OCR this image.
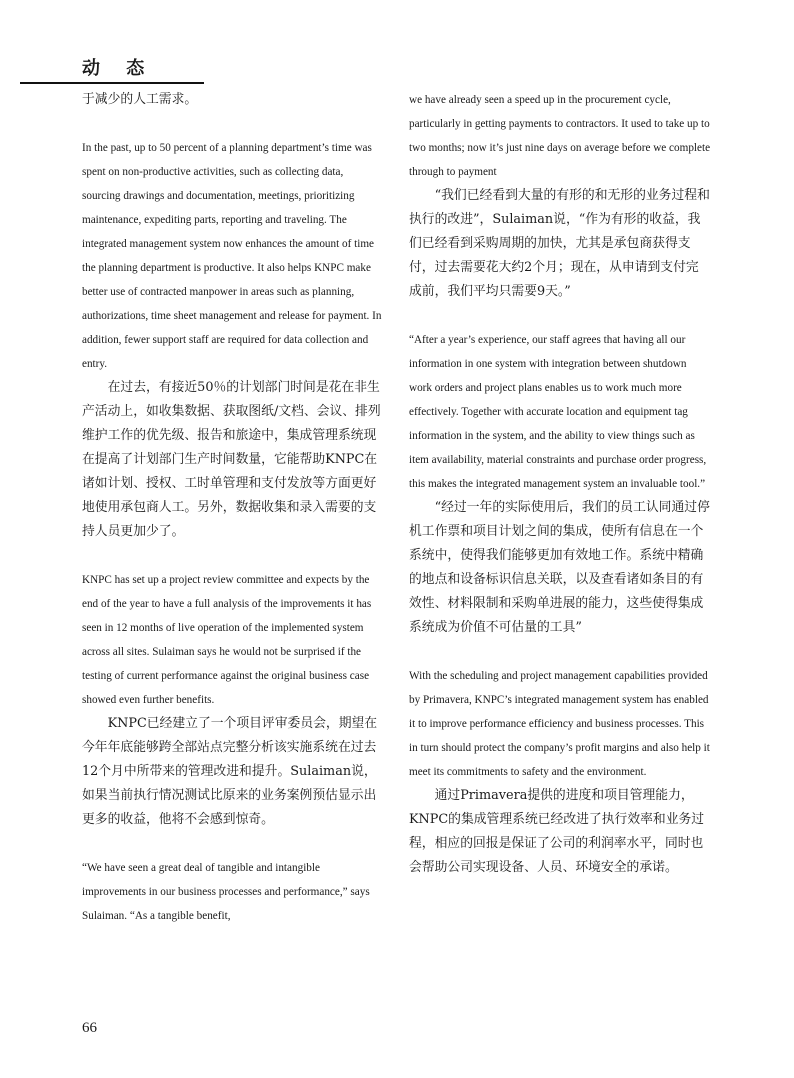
动 态

于减少的人工需求。

In the past, up to 50 percent of a planning department’s time was spent on non-productive activities, such as collecting data, sourcing drawings and documentation, meetings, prioritizing maintenance, expediting parts, reporting and traveling. The integrated management system now enhances the amount of time the planning department is productive. It also helps KNPC make better use of contracted manpower in areas such as planning, authorizations, time sheet management and release for payment. In addition, fewer support staff are required for data collection and entry.

在过去，有接近50％的计划部门时间是花在非生产活动上，如收集数据、获取图纸/文档、会议、排列维护工作的优先级、报告和旅途中，集成管理系统现在提高了计划部门生产时间数量，它能帮助KNPC在诸如计划、授权、工时单管理和支付发放等方面更好地使用承包商人工。另外，数据收集和录入需要的支持人员更加少了。

KNPC has set up a project review committee and expects by the end of the year to have a full analysis of the improvements it has seen in 12 months of live operation of the implemented system across all sites. Sulaiman says he would not be surprised if the testing of current performance against the original business case showed even further benefits.

KNPC已经建立了一个项目评审委员会，期望在今年年底能够跨全部站点完整分析该实施系统在过去12个月中所带来的管理改进和提升。Sulaiman说，如果当前执行情况测试比原来的业务案例预估显示出更多的收益，他将不会感到惊奇。

“We have seen a great deal of tangible and intangible improvements in our business processes and performance,” says Sulaiman. “As a tangible benefit,

we have already seen a speed up in the procurement cycle, particularly in getting payments to contractors. It used to take up to two months; now it’s just nine days on average before we complete through to payment

“我们已经看到大量的有形的和无形的业务过程和执行的改进”，Sulaiman说，“作为有形的收益，我们已经看到采购周期的加快，尤其是承包商获得支付，过去需要花大约2个月；现在，从申请到支付完成前，我们平均只需要9天。”

“After a year’s experience, our staff agrees that having all our information in one system with integration between shutdown work orders and project plans enables us to work much more effectively. Together with accurate location and equipment tag information in the system, and the ability to view things such as item availability, material constraints and purchase order progress, this makes the integrated management system an invaluable tool.”

“经过一年的实际使用后，我们的员工认同通过停机工作票和项目计划之间的集成，使所有信息在一个系统中，使得我们能够更加有效地工作。系统中精确的地点和设备标识信息关联，以及查看诸如条目的有效性、材料限制和采购单进展的能力，这些使得集成系统成为价值不可估量的工具”

With the scheduling and project management capabilities provided by Primavera, KNPC’s integrated management system has enabled it to improve performance efficiency and business processes. This in turn should protect the company’s profit margins and also help it meet its commitments to safety and the environment.

通过Primavera提供的进度和项目管理能力，KNPC的集成管理系统已经改进了执行效率和业务过程，相应的回报是保证了公司的利润率水平，同时也会帮助公司实现设备、人员、环境安全的承诺。

66
